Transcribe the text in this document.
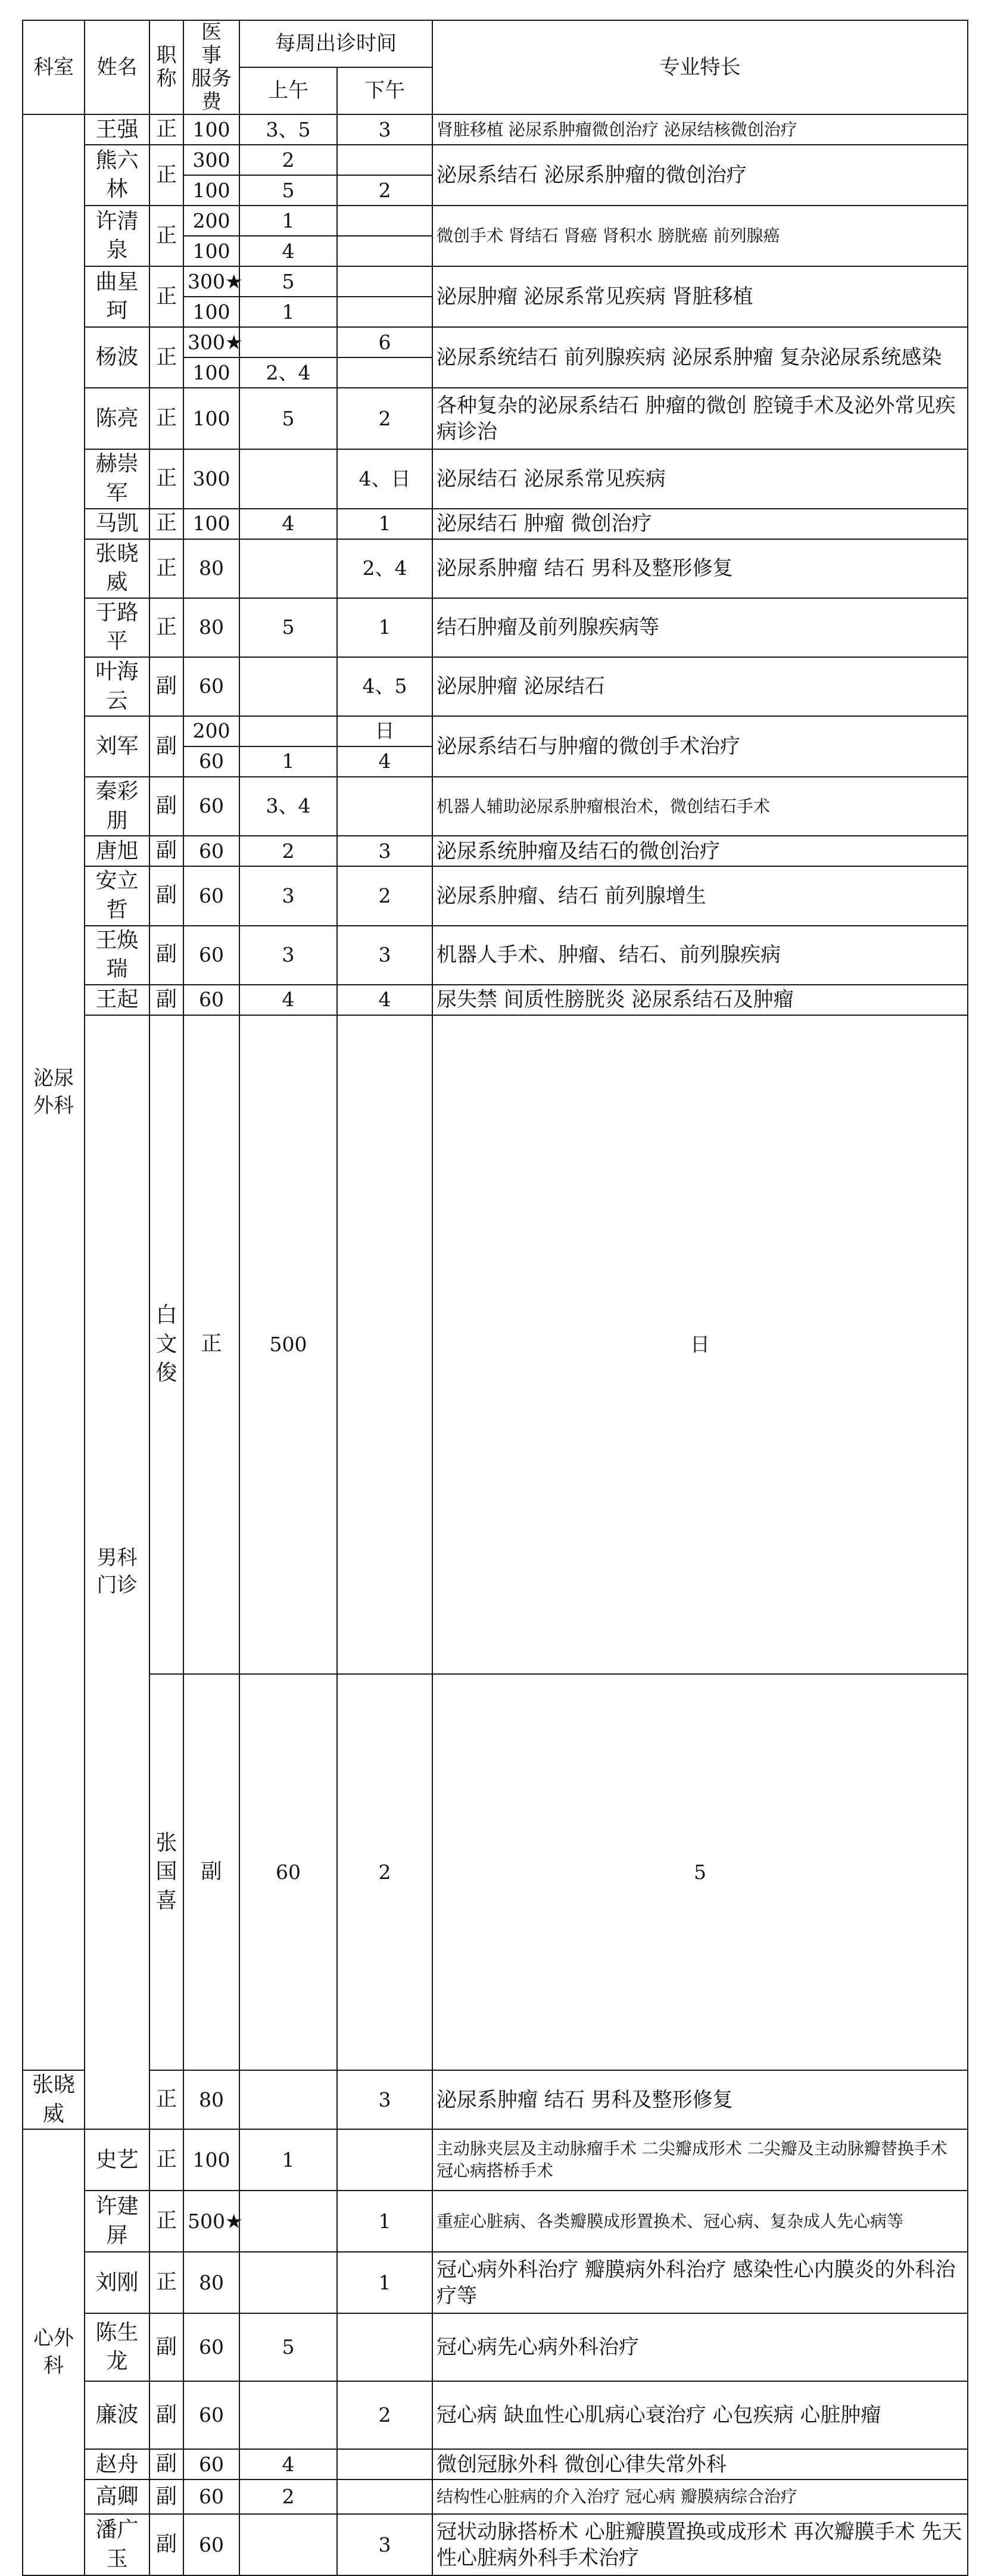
科室	姓名	职称	医　事
服务费	每周出诊时间		专业特长	
				上午	下午		
泌尿外科	王强	正	100	3、5	3	肾脏移植 泌尿系肿瘤微创治疗 泌尿结核微创治疗	
	熊六林	正	300	2		泌尿系结石 泌尿系肿瘤的微创治疗	
			100	5	2		
	许清泉	正	200	1		微创手术 肾结石 肾癌 肾积水 膀胱癌 前列腺癌	
			100	4			
	曲星珂	正	300★	5		泌尿肿瘤 泌尿系常见疾病 肾脏移植	
			100	1			
	杨波	正	300★		6	泌尿系统结石 前列腺疾病 泌尿系肿瘤 复杂泌尿系统感染	
			100	2、4			
	陈亮	正	100	5	2	各种复杂的泌尿系结石 肿瘤的微创 腔镜手术及泌外常见疾病诊治	
	赫崇军	正	300		4、日	泌尿结石 泌尿系常见疾病	
	马凯	正	100	4	1	泌尿结石 肿瘤 微创治疗	
	张晓威	正	80		2、4	泌尿系肿瘤 结石 男科及整形修复	
	于路平	正	80	5	1	结石肿瘤及前列腺疾病等	
	叶海云	副	60		4、5	泌尿肿瘤 泌尿结石	
	刘军	副	200		日	泌尿系结石与肿瘤的微创手术治疗	
			60	1	4		
	秦彩朋	副	60	3、4		机器人辅助泌尿系肿瘤根治术，微创结石手术	
	唐旭	副	60	2	3	泌尿系统肿瘤及结石的微创治疗	
	安立哲	副	60	3	2	泌尿系肿瘤、结石 前列腺增生	
	王焕瑞	副	60	3	3	机器人手术、肿瘤、结石、前列腺疾病	
	王起	副	60	4	4	尿失禁 间质性膀胱炎 泌尿系结石及肿瘤	
	男科门诊	白文俊	正	500		日	
		张国喜	副	60	2	5	
张晓威		正	80		3	泌尿系肿瘤 结石 男科及整形修复	
心外科	史艺	正	100	1		主动脉夹层及主动脉瘤手术 二尖瓣成形术 二尖瓣及主动脉瓣替换手术 冠心病搭桥手术	
	许建屏	正	500★		1	重症心脏病、各类瓣膜成形置换术、冠心病、复杂成人先心病等	
	刘刚	正	80		1	冠心病外科治疗 瓣膜病外科治疗 感染性心内膜炎的外科治疗等	
	陈生龙	副	60	5		冠心病先心病外科治疗	
	廉波	副	60		2	冠心病 缺血性心肌病心衰治疗 心包疾病 心脏肿瘤	
	赵舟	副	60	4		微创冠脉外科 微创心律失常外科	
	高卿	副	60	2		结构性心脏病的介入治疗 冠心病 瓣膜病综合治疗	
	潘广玉	副	60		3	冠状动脉搭桥术 心脏瓣膜置换或成形术 再次瓣膜手术 先天性心脏病外科手术治疗	
